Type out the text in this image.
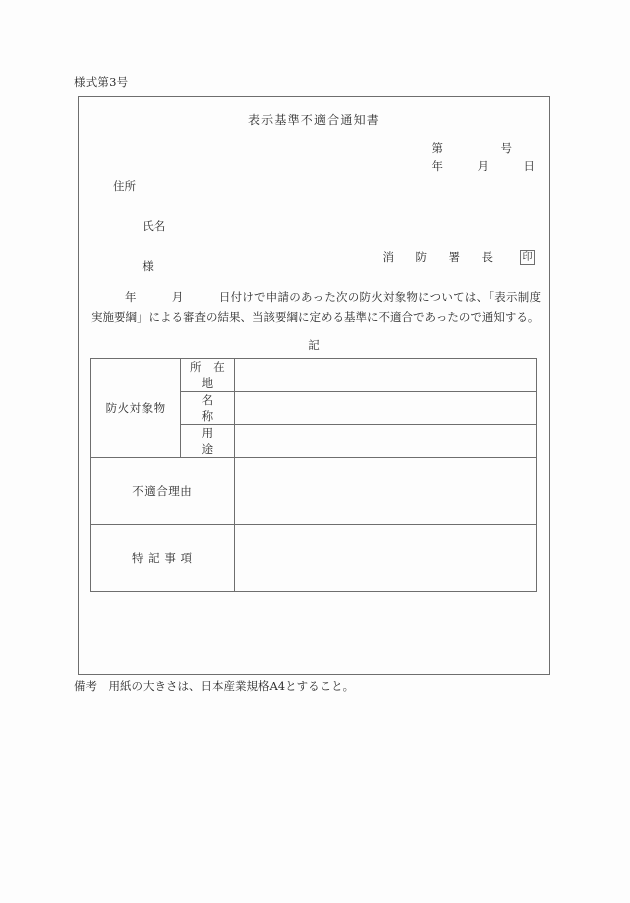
様式第3号
表示基準不適合通知書
第　　　　　号
年　　　月　　　日
住所

氏名

様

消　防　署　長 印
年　　　月　　　日付けで申請のあった次の防火対象物については、「表示制度実施要綱」による審査の結果、当該要綱に定める基準に不適合であったので通知する。
記
防火対象物	所 在 地	
	名　　称	
	用　　途	
不適合理由		
特 記 事 項		
備考　用紙の大きさは、日本産業規格A4とすること。
